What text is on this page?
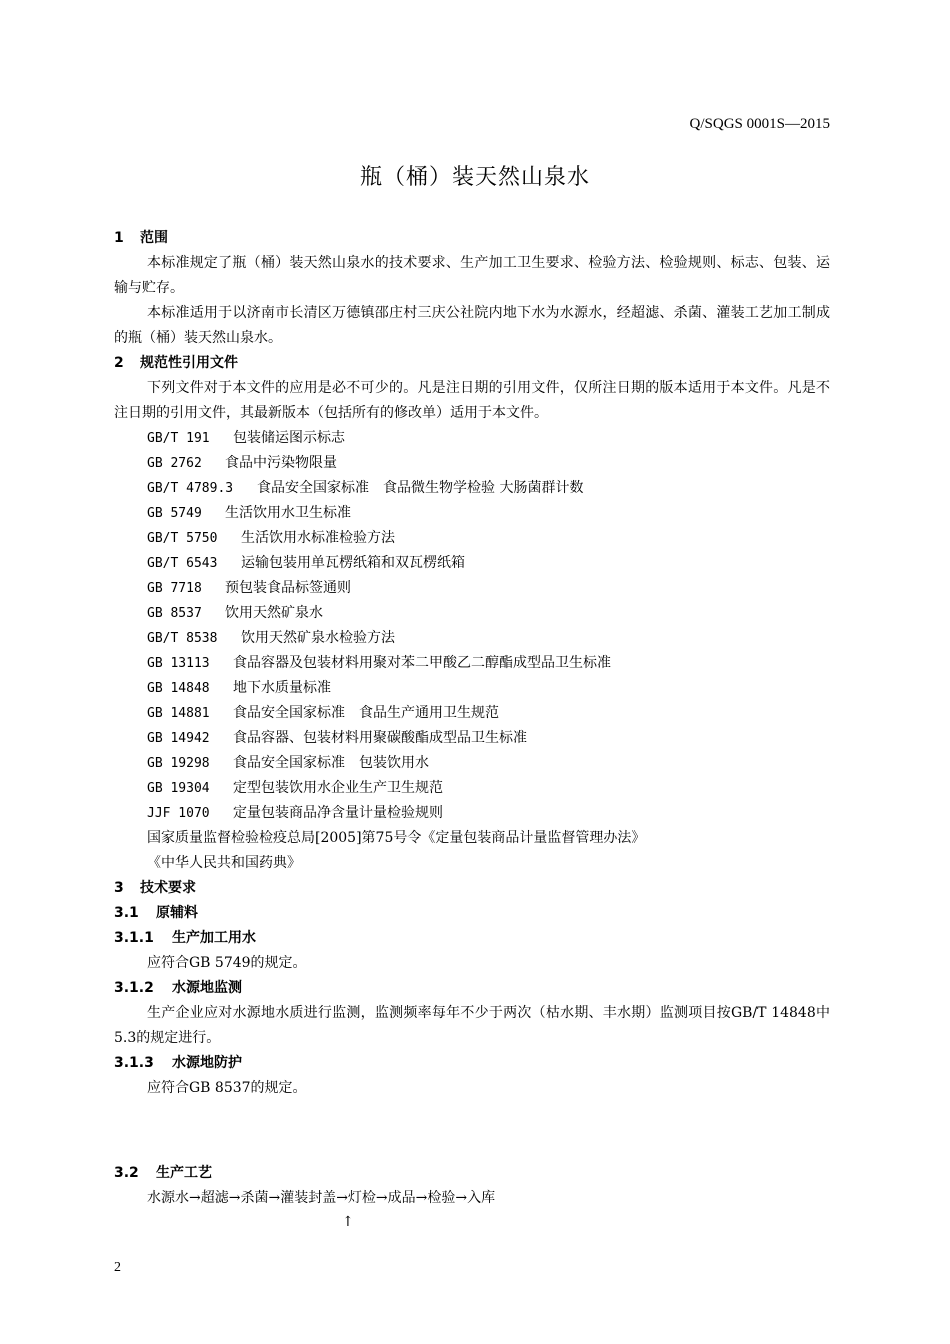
Q/SQGS 0001S—2015
瓶（桶）装天然山泉水
1	范围
本标准规定了瓶（桶）装天然山泉水的技术要求、生产加工卫生要求、检验方法、检验规则、标志、包装、运输与贮存。
本标准适用于以济南市长清区万德镇邵庄村三庆公社院内地下水为水源水，经超滤、杀菌、灌装工艺加工制成的瓶（桶）装天然山泉水。
2	规范性引用文件
下列文件对于本文件的应用是必不可少的。凡是注日期的引用文件，仅所注日期的版本适用于本文件。凡是不注日期的引用文件，其最新版本（包括所有的修改单）适用于本文件。
GB/T 191 包装储运图示标志
GB 2762 食品中污染物限量
GB/T 4789.3 食品安全国家标准　食品微生物学检验 大肠菌群计数
GB 5749 生活饮用水卫生标准
GB/T 5750 生活饮用水标准检验方法
GB/T 6543 运输包装用单瓦楞纸箱和双瓦楞纸箱
GB 7718 预包装食品标签通则
GB 8537 饮用天然矿泉水
GB/T 8538 饮用天然矿泉水检验方法
GB 13113 食品容器及包装材料用聚对苯二甲酸乙二醇酯成型品卫生标准
GB 14848 地下水质量标准
GB 14881 食品安全国家标准　食品生产通用卫生规范
GB 14942 食品容器、包装材料用聚碳酸酯成型品卫生标准
GB 19298 食品安全国家标准　包装饮用水
GB 19304 定型包装饮用水企业生产卫生规范
JJF 1070 定量包装商品净含量计量检验规则
国家质量监督检验检疫总局[2005]第75号令《定量包装商品计量监督管理办法》
《中华人民共和国药典》
3	技术要求
3.1	原辅料
3.1.1	生产加工用水
应符合GB 5749的规定。
3.1.2	水源地监测
生产企业应对水源地水质进行监测，监测频率每年不少于两次（枯水期、丰水期）监测项目按GB/T 14848中5.3的规定进行。
3.1.3	水源地防护
应符合GB 8537的规定。
3.2	生产工艺
水源水→超滤→杀菌→灌装封盖→灯检→成品→检验→入库
↑
2
